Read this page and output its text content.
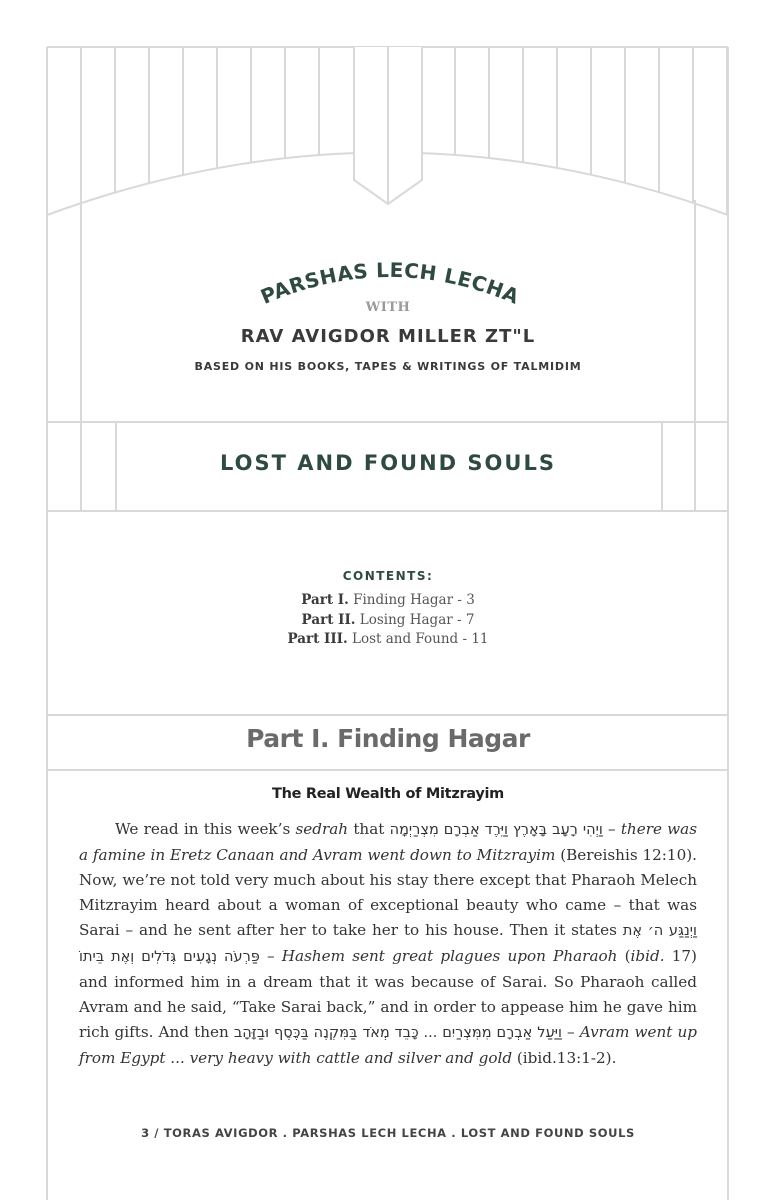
PARSHAS LECH LECHA
WITH
RAV AVIGDOR MILLER ZT"L
BASED ON HIS BOOKS, TAPES & WRITINGS OF TALMIDIM
LOST AND FOUND SOULS
CONTENTS:
Part I. Finding Hagar - 3
Part II. Losing Hagar - 7
Part III. Lost and Found - 11
Part I. Finding Hagar
The Real Wealth of Mitzrayim

We read in this week’s sedrah that וַיְהִי רָעָב בָּאָרֶץ וַיֵּרֶד אַבְרָם מִצְרַיְמָה – there was a famine in Eretz Canaan and Avram went down to Mitzrayim (Bereishis 12:10). Now, we’re not told very much about his stay there except that Pharaoh Melech Mitzrayim heard about a woman of exceptional beauty who came – that was Sarai – and he sent after her to take her to his house. Then it states וַיְנַגַּע ה׳ אֶת פַּרְעֹה נְגָעִים גְּדֹלִים וְאֶת בֵּיתוֹ – Hashem sent great plagues upon Pharaoh (ibid. 17) and informed him in a dream that it was because of Sarai. So Pharaoh called Avram and he said, “Take Sarai back,” and in order to appease him he gave him rich gifts. And then וַיַּעַל אַבְרָם מִמִּצְרַיִם ... כָּבֵד מְאֹד בַּמִּקְנֶה בַּכֶּסֶף וּבַזָּהָב – Avram went up from Egypt ... very heavy with cattle and silver and gold (ibid.13:1-2).

3 / TORAS AVIGDOR . PARSHAS LECH LECHA . LOST AND FOUND SOULS
